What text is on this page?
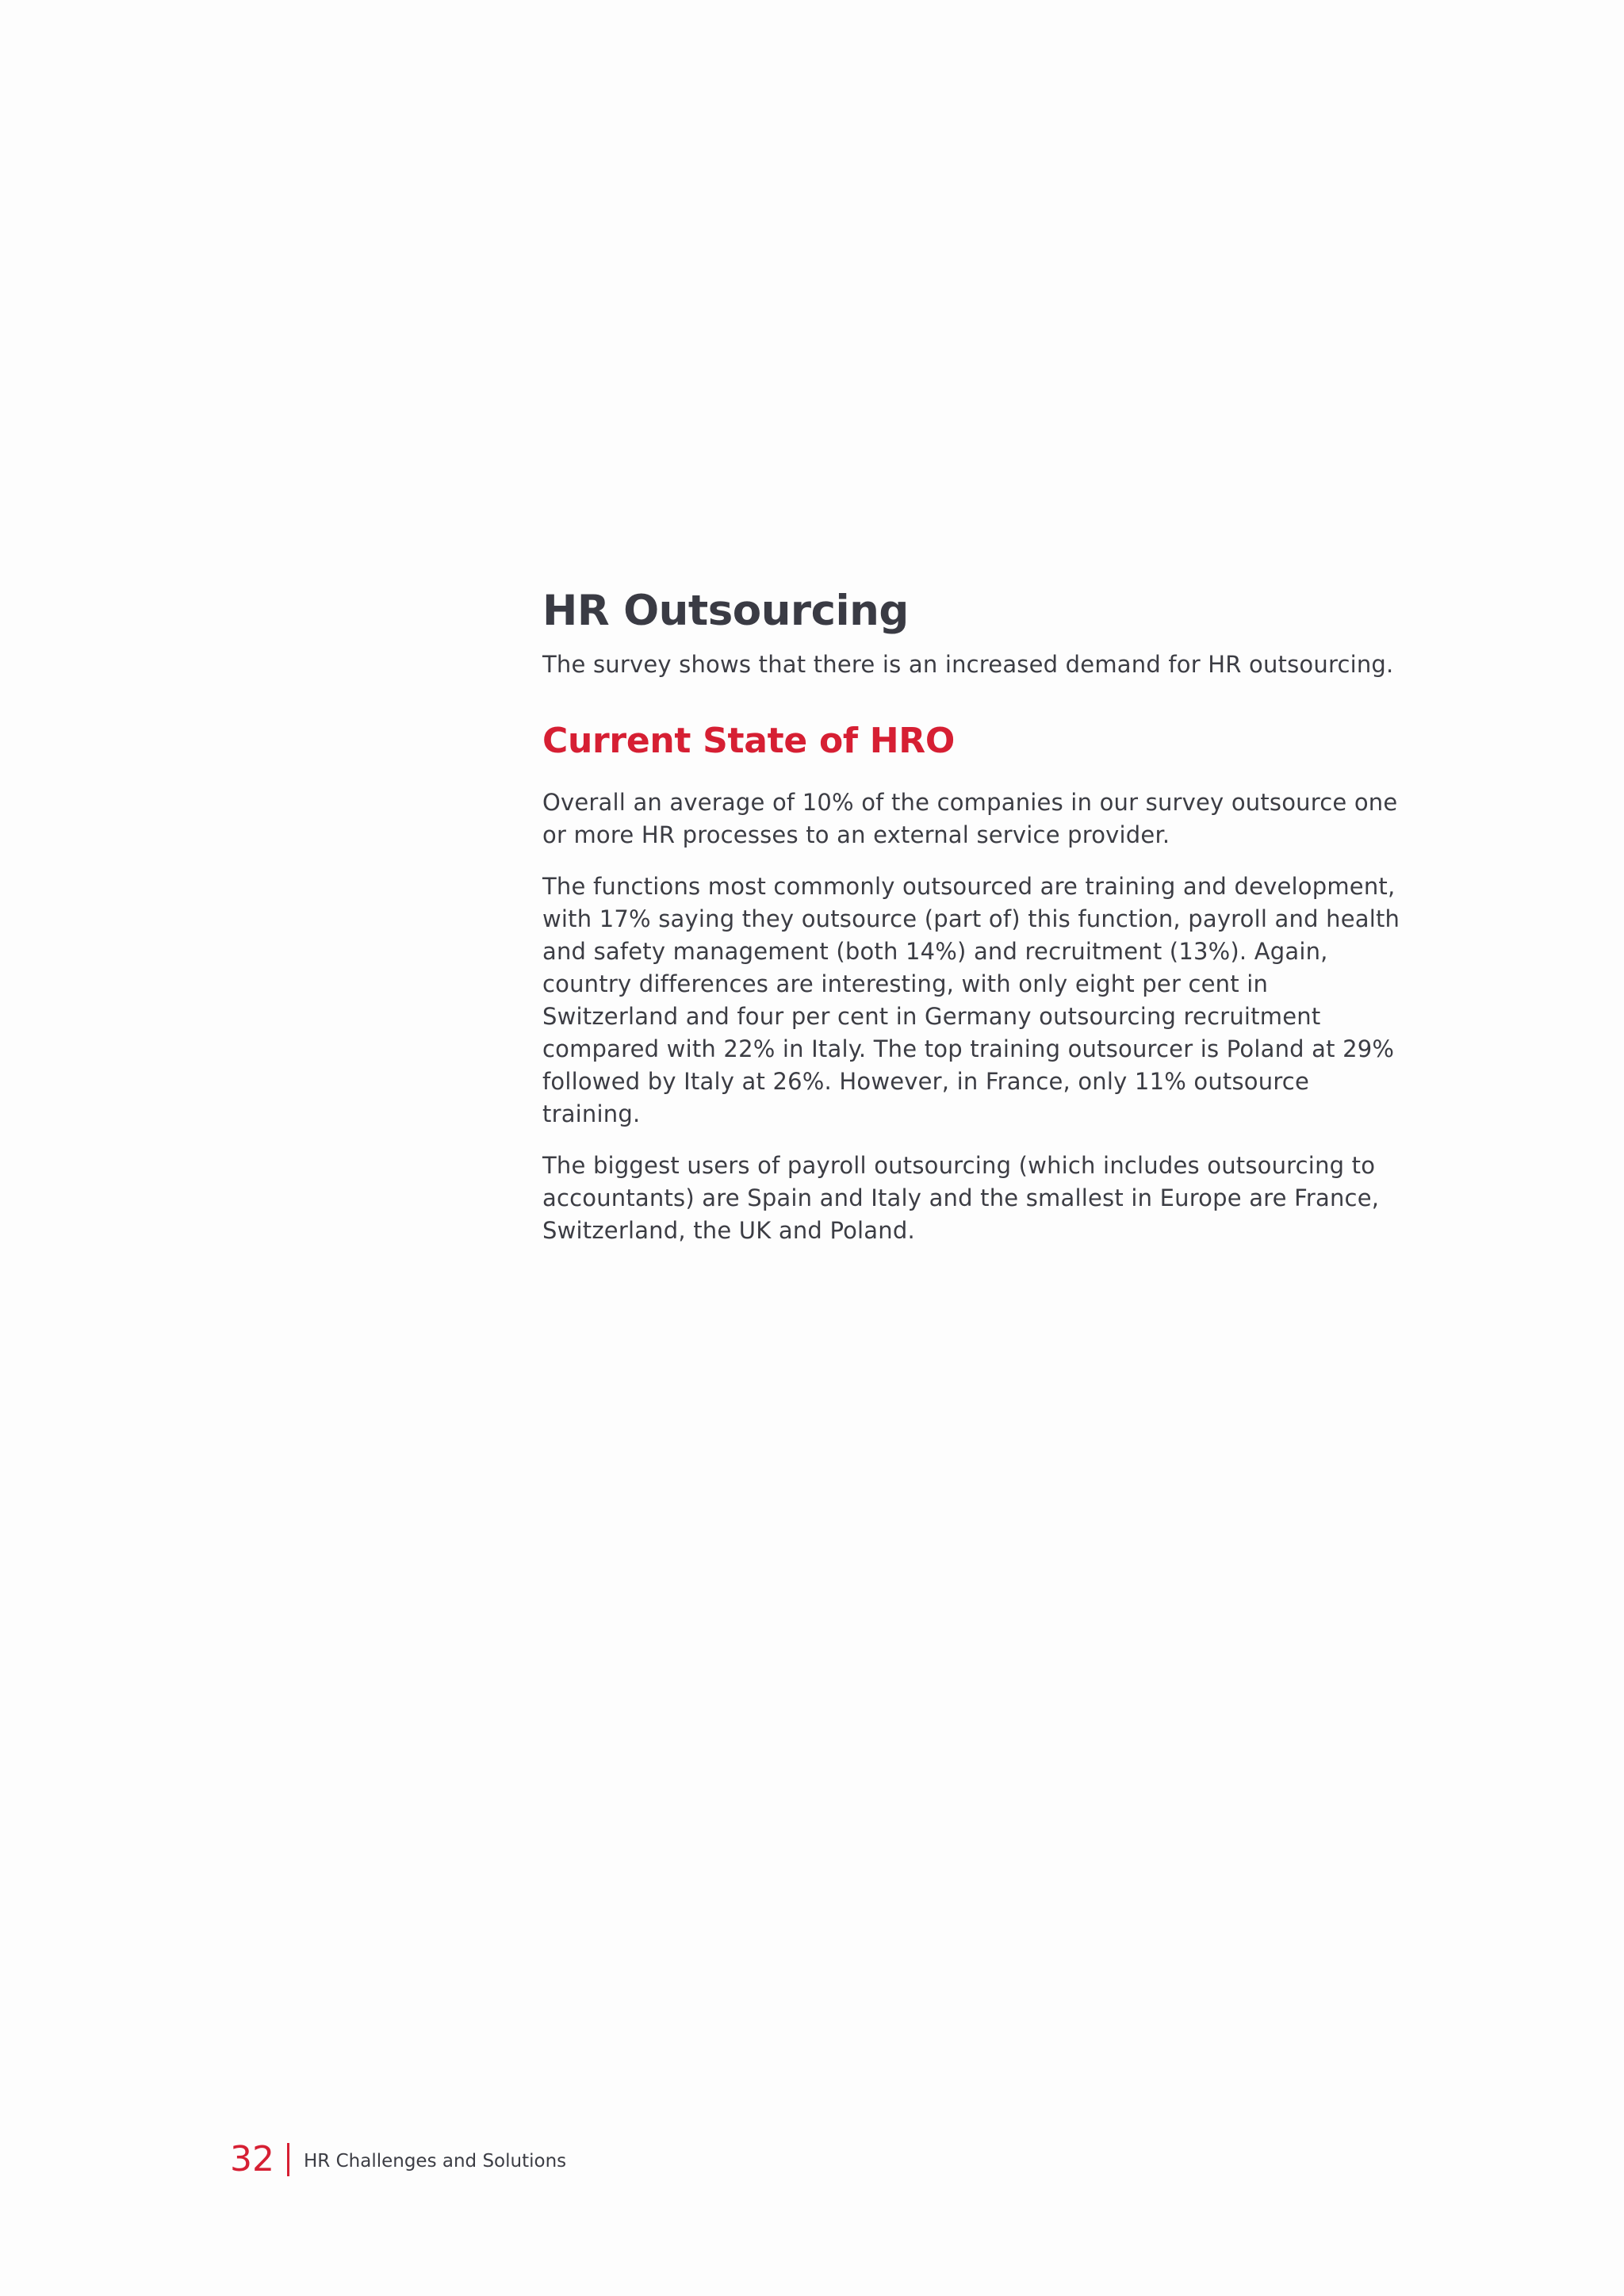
HR Outsourcing

The survey shows that there is an increased demand for HR outsourcing.

Current State of HRO

Overall an average of 10% of the companies in our survey outsource one or more HR processes to an external service provider.

The functions most commonly outsourced are training and development, with 17% saying they outsource (part of) this function, payroll and health and safety management (both 14%) and recruitment (13%). Again, country differences are interesting, with only eight per cent in Switzerland and four per cent in Germany outsourcing recruitment compared with 22% in Italy. The top training outsourcer is Poland at 29% followed by Italy at 26%. However, in France, only 11% outsource training.

The biggest users of payroll outsourcing (which includes outsourcing to accountants) are Spain and Italy and the smallest in Europe are France, Switzerland, the UK and Poland.

32 HR Challenges and Solutions
